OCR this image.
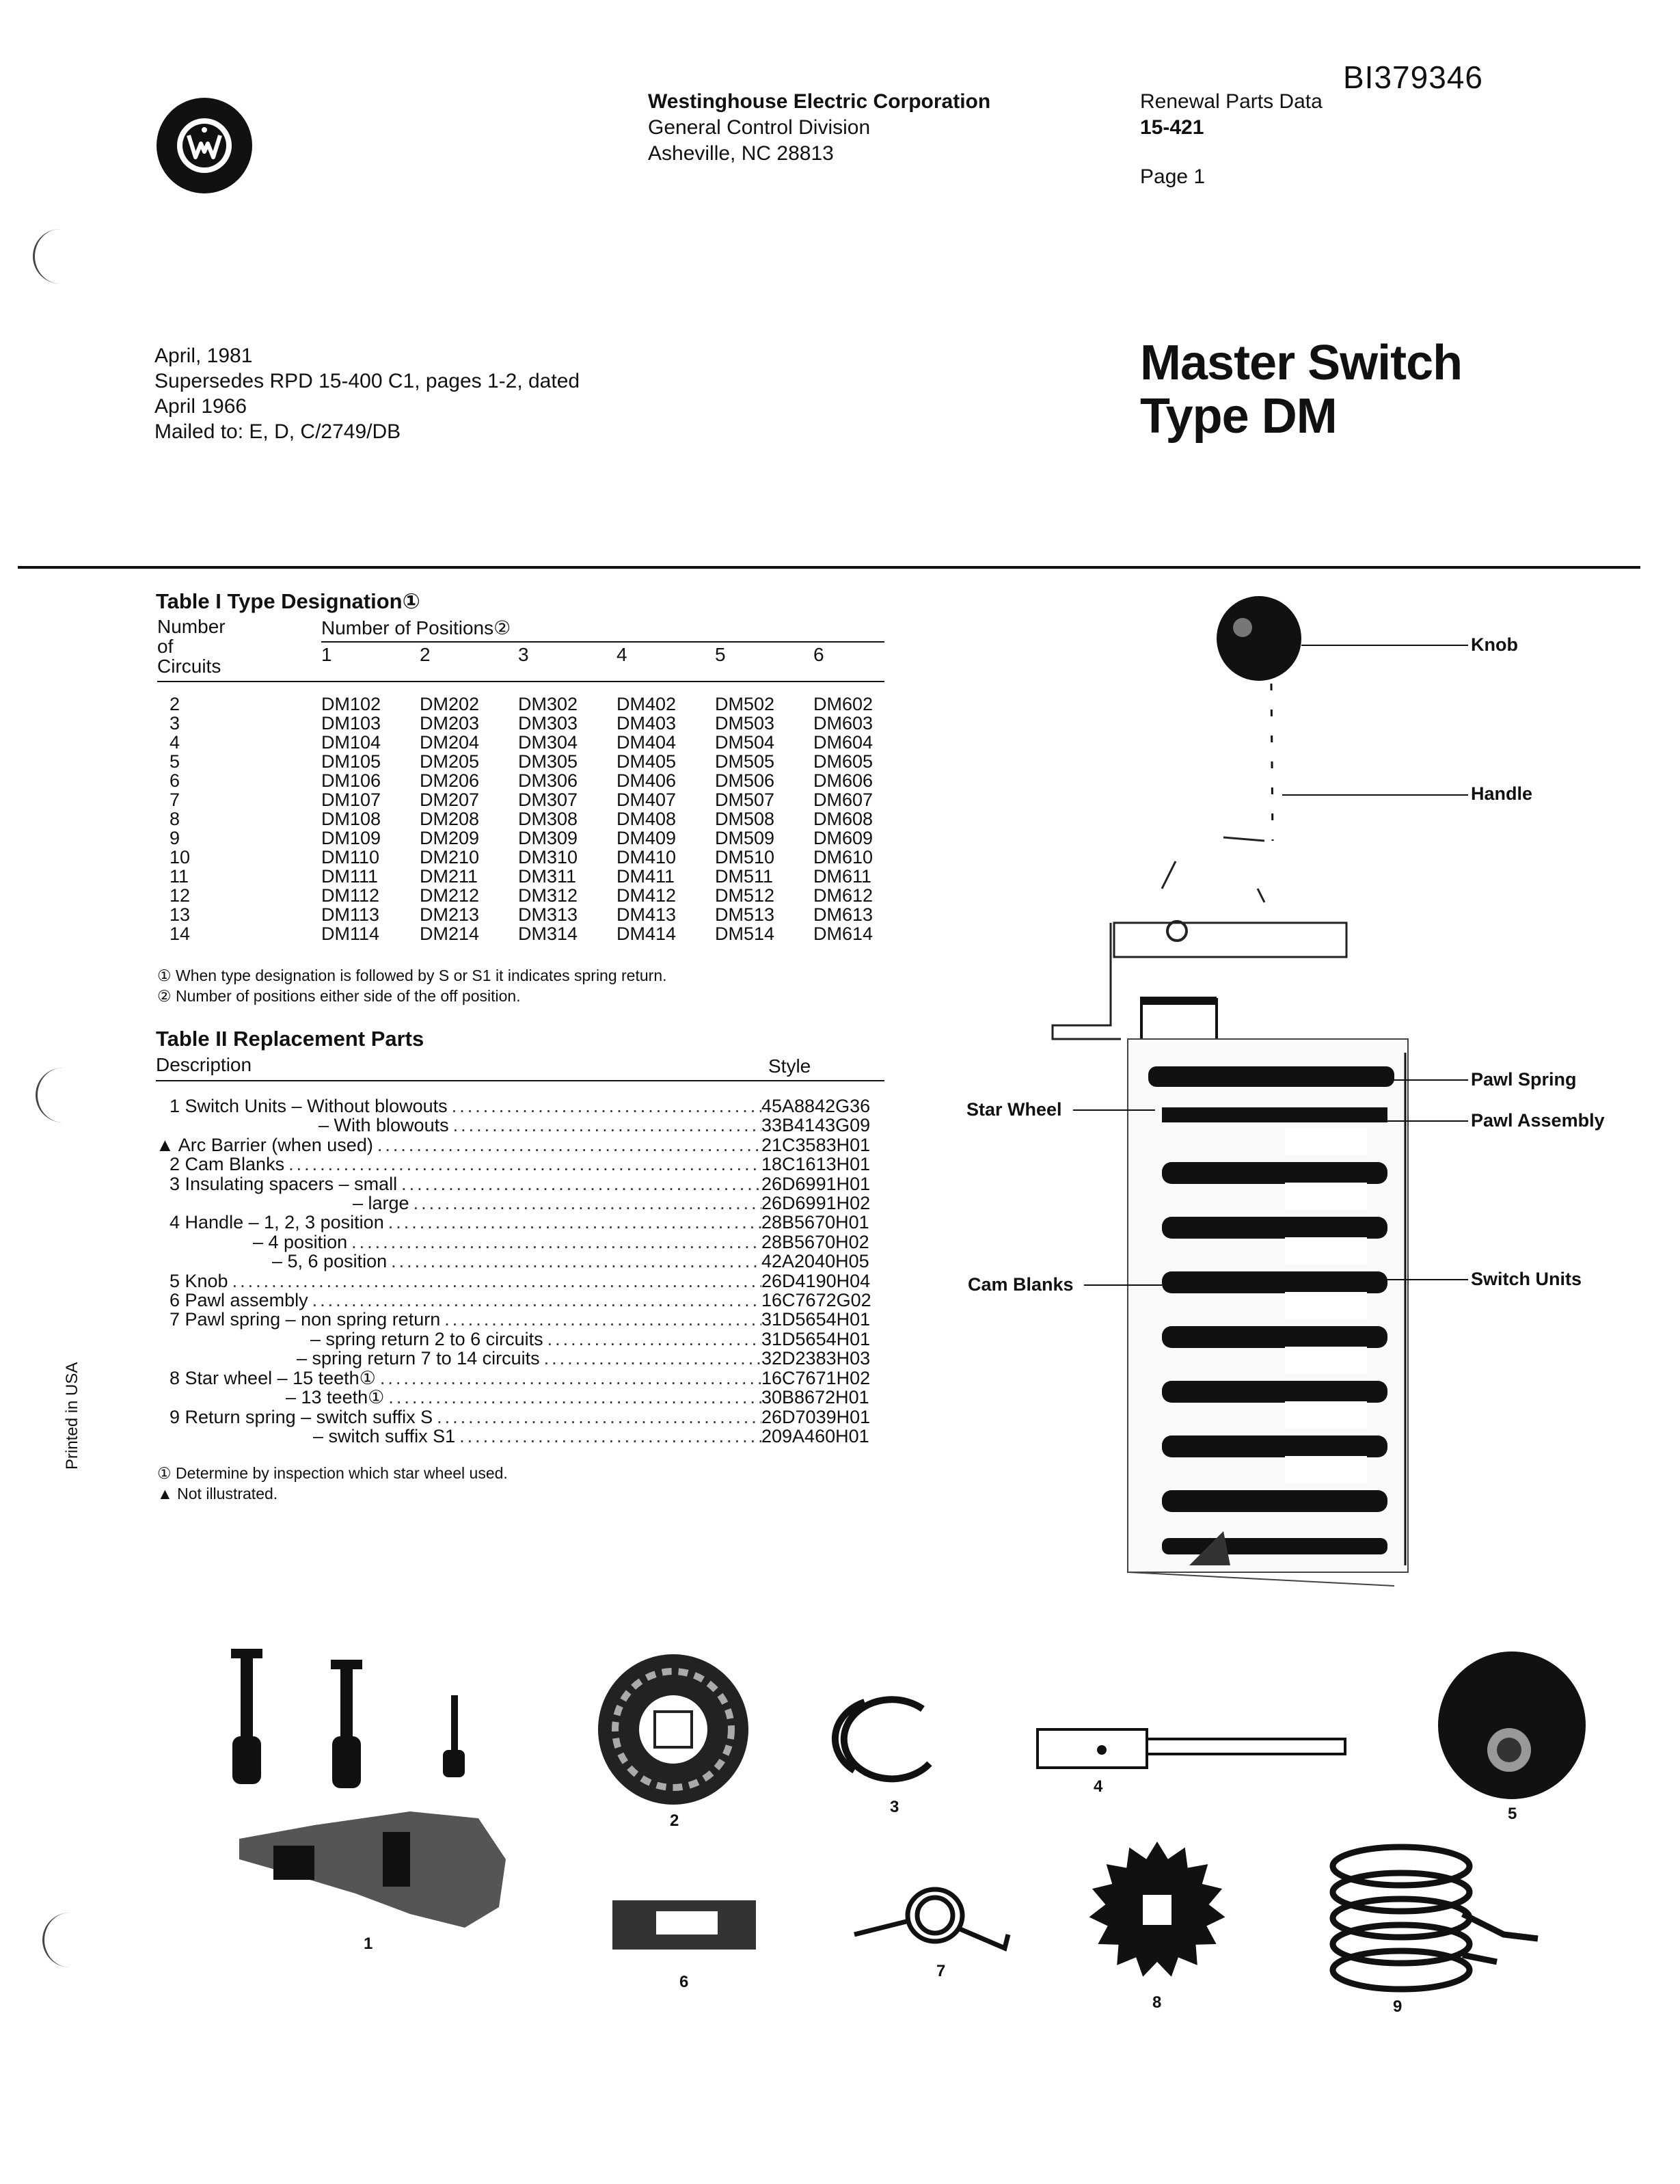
BI379346
Westinghouse Electric Corporation
General Control Division
Asheville, NC 28813
Renewal Parts Data
15-421
Page 1
April, 1981
Supersedes RPD 15-400 C1, pages 1-2, dated
April 1966
Mailed to: E, D, C/2749/DB
Master Switch
Type DM
Printed in USA
Table I Type Designation①
Number
of
Circuits
Number of Positions②
1	2	3	4	5	6
2	DM102	DM202	DM302	DM402	DM502	DM602
3	DM103	DM203	DM303	DM403	DM503	DM603
4	DM104	DM204	DM304	DM404	DM504	DM604
5	DM105	DM205	DM305	DM405	DM505	DM605
6	DM106	DM206	DM306	DM406	DM506	DM606
7	DM107	DM207	DM307	DM407	DM507	DM607
8	DM108	DM208	DM308	DM408	DM508	DM608
9	DM109	DM209	DM309	DM409	DM509	DM609
10	DM110	DM210	DM310	DM410	DM510	DM610
11	DM111	DM211	DM311	DM411	DM511	DM611
12	DM112	DM212	DM312	DM412	DM512	DM612
13	DM113	DM213	DM313	DM413	DM513	DM613
14	DM114	DM214	DM314	DM414	DM514	DM614
① When type designation is followed by S or S1 it indicates spring return.
② Number of positions either side of the off position.
Table II Replacement Parts
Description	Style
1 Switch Units – Without blowouts .....	45A8842G36
– With blowouts .....	33B4143G09
▲ Arc Barrier (when used) .....	21C3583H01
2 Cam Blanks .....	18C1613H01
3 Insulating spacers – small .....	26D6991H01
– large .....	26D6991H02
4 Handle – 1, 2, 3 position .....	28B5670H01
– 4 position .....	28B5670H02
– 5, 6 position .....	42A2040H05
5 Knob .....	26D4190H04
6 Pawl assembly .....	16C7672G02
7 Pawl spring – non spring return .....	31D5654H01
– spring return 2 to 6 circuits .....	31D5654H01
– spring return 7 to 14 circuits .....	32D2383H03
8 Star wheel – 15 teeth① .....	16C7671H02
– 13 teeth① .....	30B8672H01
9 Return spring – switch suffix S .....	26D7039H01
– switch suffix S1 .....	209A460H01
① Determine by inspection which star wheel used.
▲ Not illustrated.
Knob
Handle
Pawl Spring
Pawl Assembly
Star Wheel
Cam Blanks	Switch Units
1
2
3
4
5
6
7
8	9
